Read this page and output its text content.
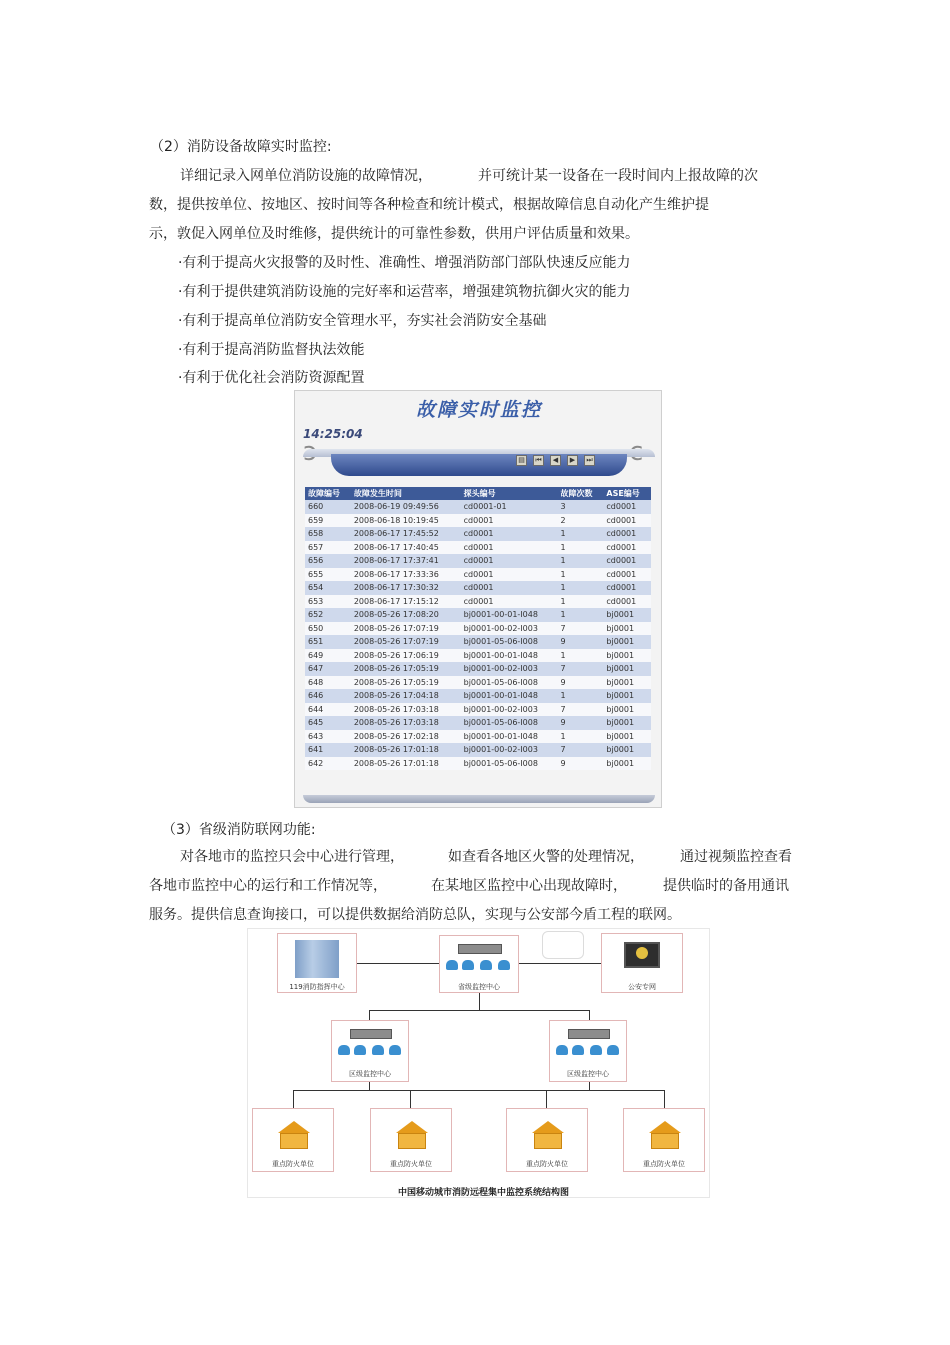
（2）消防设备故障实时监控:
详细记录入网单位消防设施的故障情况，	并可统计某一设备在一段时间内上报故障的次
数，提供按单位、按地区、按时间等各种检查和统计模式，根据故障信息自动化产生维护提
示，敦促入网单位及时维修，提供统计的可靠性参数，供用户评估质量和效果。
·有利于提高火灾报警的及时性、准确性、增强消防部门部队快速反应能力
·有利于提供建筑消防设施的完好率和运营率，增强建筑物抗御火灾的能力
·有利于提高单位消防安全管理水平，夯实社会消防安全基础
·有利于提高消防监督执法效能
·有利于优化社会消防资源配置
故障实时监控
14:25:04
▤	⏮	◀	▶	⏭
故障编号	故障发生时间	探头编号	故障次数	ASE编号
660	2008-06-19 09:49:56	cd0001-01	3	cd0001
659	2008-06-18 10:19:45	cd0001	2	cd0001
658	2008-06-17 17:45:52	cd0001	1	cd0001
657	2008-06-17 17:40:45	cd0001	1	cd0001
656	2008-06-17 17:37:41	cd0001	1	cd0001
655	2008-06-17 17:33:36	cd0001	1	cd0001
654	2008-06-17 17:30:32	cd0001	1	cd0001
653	2008-06-17 17:15:12	cd0001	1	cd0001
652	2008-05-26 17:08:20	bj0001-00-01-I048	1	bj0001
650	2008-05-26 17:07:19	bj0001-00-02-I003	7	bj0001
651	2008-05-26 17:07:19	bj0001-05-06-I008	9	bj0001
649	2008-05-26 17:06:19	bj0001-00-01-I048	1	bj0001
647	2008-05-26 17:05:19	bj0001-00-02-I003	7	bj0001
648	2008-05-26 17:05:19	bj0001-05-06-I008	9	bj0001
646	2008-05-26 17:04:18	bj0001-00-01-I048	1	bj0001
644	2008-05-26 17:03:18	bj0001-00-02-I003	7	bj0001
645	2008-05-26 17:03:18	bj0001-05-06-I008	9	bj0001
643	2008-05-26 17:02:18	bj0001-00-01-I048	1	bj0001
641	2008-05-26 17:01:18	bj0001-00-02-I003	7	bj0001
642	2008-05-26 17:01:18	bj0001-05-06-I008	9	bj0001
（3）省级消防联网功能:
对各地市的监控只会中心进行管理，	如查看各地区火警的处理情况，	通过视频监控查看
各地市监控中心的运行和工作情况等，	在某地区监控中心出现故障时，	提供临时的备用通讯
服务。提供信息查询接口，可以提供数据给消防总队，实现与公安部今盾工程的联网。
119消防指挥中心	省级监控中心	公安专网
区级监控中心	区级监控中心
重点防火单位	重点防火单位	重点防火单位	重点防火单位
中国移动城市消防远程集中监控系统结构图
